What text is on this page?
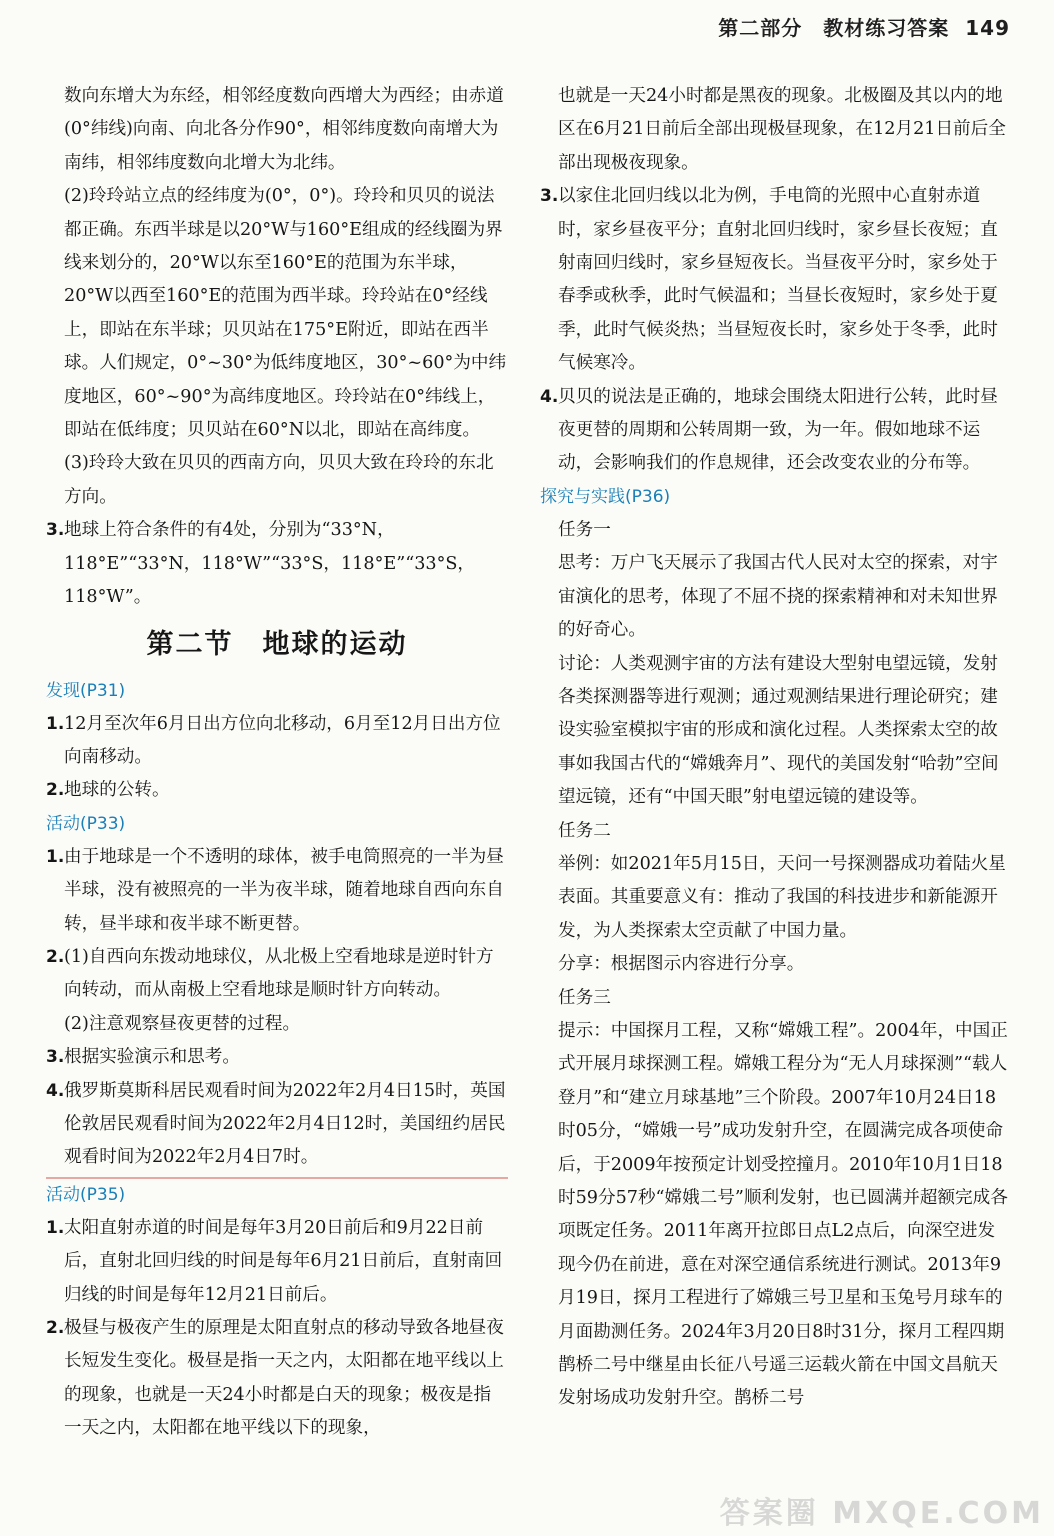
第二部分　教材练习答案 149

数向东增大为东经，相邻经度数向西增大为西经；由赤道(0°纬线)向南、向北各分作90°，相邻纬度数向南增大为南纬，相邻纬度数向北增大为北纬。

(2)玲玲站立点的经纬度为(0°，0°)。玲玲和贝贝的说法都正确。东西半球是以20°W与160°E组成的经线圈为界线来划分的，20°W以东至160°E的范围为东半球，20°W以西至160°E的范围为西半球。玲玲站在0°经线上，即站在东半球；贝贝站在175°E附近，即站在西半球。人们规定，0°~30°为低纬度地区，30°~60°为中纬度地区，60°~90°为高纬度地区。玲玲站在0°纬线上，即站在低纬度；贝贝站在60°N以北，即站在高纬度。

(3)玲玲大致在贝贝的西南方向，贝贝大致在玲玲的东北方向。

3. 地球上符合条件的有4处，分别为“33°N，118°E”“33°N，118°W”“33°S，118°E”“33°S，118°W”。
第二节　地球的运动
发现(P31)
1. 12月至次年6月日出方位向北移动，6月至12月日出方位向南移动。
2. 地球的公转。
活动(P33)
1. 由于地球是一个不透明的球体，被手电筒照亮的一半为昼半球，没有被照亮的一半为夜半球，随着地球自西向东自转，昼半球和夜半球不断更替。
2. (1)自西向东拨动地球仪，从北极上空看地球是逆时针方向转动，而从南极上空看地球是顺时针方向转动。

(2)注意观察昼夜更替的过程。

3. 根据实验演示和思考。
4. 俄罗斯莫斯科居民观看时间为2022年2月4日15时，英国伦敦居民观看时间为2022年2月4日12时，美国纽约居民观看时间为2022年2月4日7时。
活动(P35)
1. 太阳直射赤道的时间是每年3月20日前后和9月22日前后，直射北回归线的时间是每年6月21日前后，直射南回归线的时间是每年12月21日前后。
2. 极昼与极夜产生的原理是太阳直射点的移动导致各地昼夜长短发生变化。极昼是指一天之内，太阳都在地平线以上的现象，也就是一天24小时都是白天的现象；极夜是指一天之内，太阳都在地平线以下的现象，

也就是一天24小时都是黑夜的现象。北极圈及其以内的地区在6月21日前后全部出现极昼现象，在12月21日前后全部出现极夜现象。

3. 以家住北回归线以北为例，手电筒的光照中心直射赤道时，家乡昼夜平分；直射北回归线时，家乡昼长夜短；直射南回归线时，家乡昼短夜长。当昼夜平分时，家乡处于春季或秋季，此时气候温和；当昼长夜短时，家乡处于夏季，此时气候炎热；当昼短夜长时，家乡处于冬季，此时气候寒冷。
4. 贝贝的说法是正确的，地球会围绕太阳进行公转，此时昼夜更替的周期和公转周期一致，为一年。假如地球不运动，会影响我们的作息规律，还会改变农业的分布等。
探究与实践(P36)

任务一

思考：万户飞天展示了我国古代人民对太空的探索，对宇宙演化的思考，体现了不屈不挠的探索精神和对未知世界的好奇心。

讨论：人类观测宇宙的方法有建设大型射电望远镜，发射各类探测器等进行观测；通过观测结果进行理论研究；建设实验室模拟宇宙的形成和演化过程。人类探索太空的故事如我国古代的“嫦娥奔月”、现代的美国发射“哈勃”空间望远镜，还有“中国天眼”射电望远镜的建设等。

任务二

举例：如2021年5月15日，天问一号探测器成功着陆火星表面。其重要意义有：推动了我国的科技进步和新能源开发，为人类探索太空贡献了中国力量。

分享：根据图示内容进行分享。

任务三

提示：中国探月工程，又称“嫦娥工程”。2004年，中国正式开展月球探测工程。嫦娥工程分为“无人月球探测”“载人登月”和“建立月球基地”三个阶段。2007年10月24日18时05分，“嫦娥一号”成功发射升空，在圆满完成各项使命后，于2009年按预定计划受控撞月。2010年10月1日18时59分57秒“嫦娥二号”顺利发射，也已圆满并超额完成各项既定任务。2011年离开拉郎日点L2点后，向深空进发现今仍在前进，意在对深空通信系统进行测试。2013年9月19日，探月工程进行了嫦娥三号卫星和玉兔号月球车的月面勘测任务。2024年3月20日8时31分，探月工程四期鹊桥二号中继星由长征八号遥三运载火箭在中国文昌航天发射场成功发射升空。鹊桥二号

答案圈 MXQE.COM
